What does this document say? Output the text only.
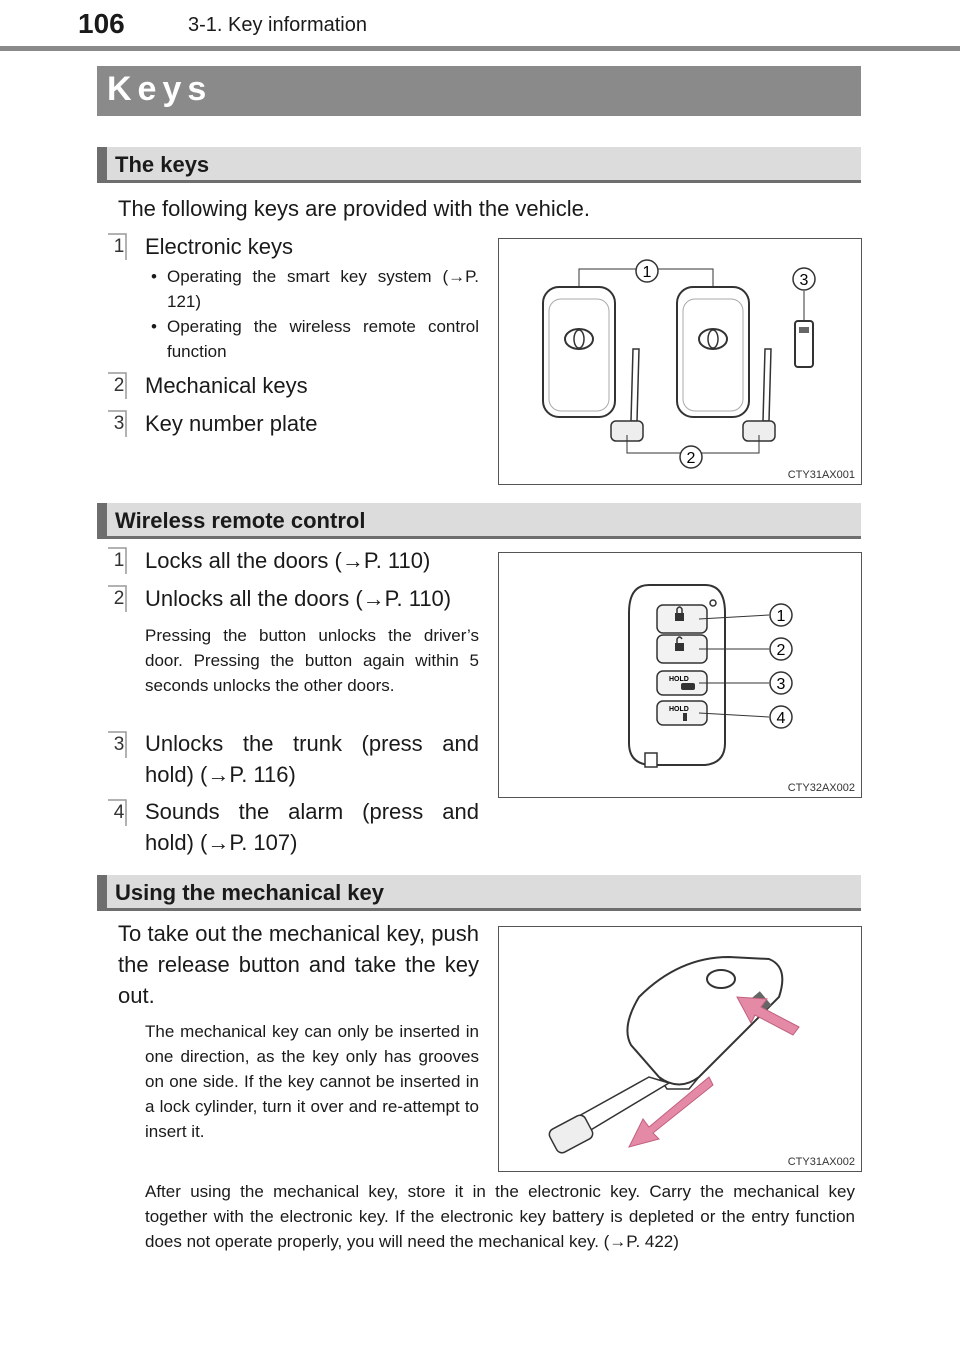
106	3-1. Key information
Keys
The keys
The following keys are provided with the vehicle.
1 Electronic keys
• Operating the smart key system (→P. 121)
• Operating the wireless remote control function
2 Mechanical keys
3 Key number plate
1
2
3
CTY31AX001
Wireless remote control
1 Locks all the doors (→P. 110)
2 Unlocks all the doors (→P. 110)
Pressing the button unlocks the driver’s door. Pressing the button again within 5 seconds unlocks the other doors.
3 Unlocks the trunk (press and hold) (→P. 116)
4 Sounds the alarm (press and hold) (→P. 107)
HOLD
HOLD
1
2
3
4
CTY32AX002
Using the mechanical key
To take out the mechanical key, push the release button and take the key out.
The mechanical key can only be inserted in one direction, as the key only has grooves on one side. If the key cannot be inserted in a lock cylinder, turn it over and re-attempt to insert it.
CTY31AX002
After using the mechanical key, store it in the electronic key. Carry the mechanical key together with the electronic key. If the electronic key battery is depleted or the entry function does not operate properly, you will need the mechanical key. (→P. 422)
